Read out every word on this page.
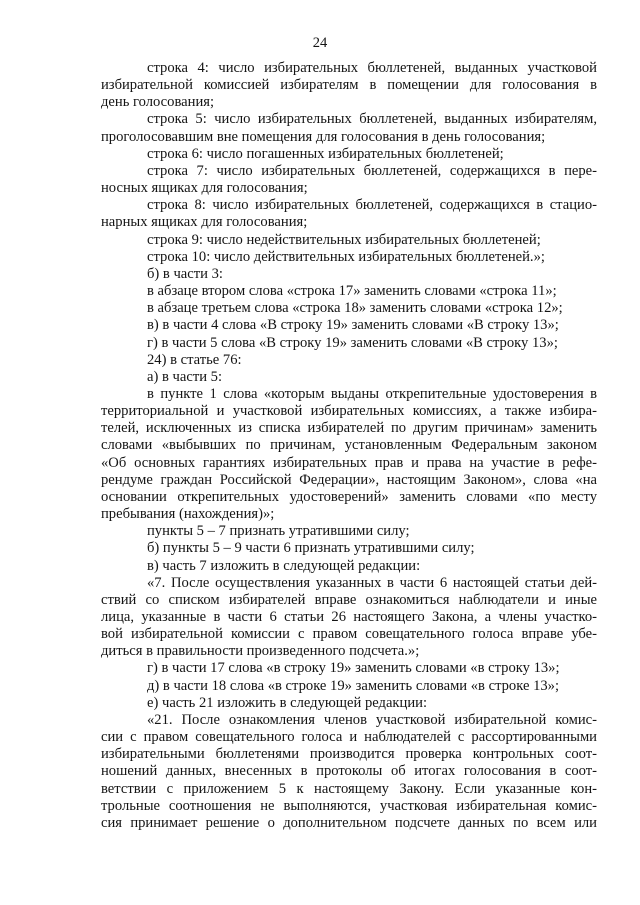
24
строка 4: число избирательных бюллетеней, выданных участковой
избирательной комиссией избирателям в помещении для голосования в
день голосования;
строка 5: число избирательных бюллетеней, выданных избирателям,
проголосовавшим вне помещения для голосования в день голосования;
строка 6: число погашенных избирательных бюллетеней;
строка 7: число избирательных бюллетеней, содержащихся в пере-
носных ящиках для голосования;
строка 8: число избирательных бюллетеней, содержащихся в стацио-
нарных ящиках для голосования;
строка 9: число недействительных избирательных бюллетеней;
строка 10: число действительных избирательных бюллетеней.»;
б) в части 3:
в абзаце втором слова «строка 17» заменить словами «строка 11»;
в абзаце третьем слова «строка 18» заменить словами «строка 12»;
в) в части 4 слова «В строку 19» заменить словами «В строку 13»;
г) в части 5 слова «В строку 19» заменить словами «В строку 13»;
24) в статье 76:
а) в части 5:
в пункте 1 слова «которым выданы открепительные удостоверения в
территориальной и участковой избирательных комиссиях, а также избира-
телей, исключенных из списка избирателей по другим причинам» заменить
словами «выбывших по причинам, установленным Федеральным законом
«Об основных гарантиях избирательных прав и права на участие в рефе-
рендуме граждан Российской Федерации», настоящим Законом», слова «на
основании открепительных удостоверений» заменить словами «по месту
пребывания (нахождения)»;
пункты 5 – 7 признать утратившими силу;
б) пункты 5 – 9 части 6 признать утратившими силу;
в) часть 7 изложить в следующей редакции:
«7. После осуществления указанных в части 6 настоящей статьи дей-
ствий со списком избирателей вправе ознакомиться наблюдатели и иные
лица, указанные в части 6 статьи 26 настоящего Закона, а члены участко-
вой избирательной комиссии с правом совещательного голоса вправе убе-
диться в правильности произведенного подсчета.»;
г) в части 17 слова «в строку 19» заменить словами «в строку 13»;
д) в части 18 слова «в строке 19» заменить словами «в строке 13»;
е) часть 21 изложить в следующей редакции:
«21. После ознакомления членов участковой избирательной комис-
сии с правом совещательного голоса и наблюдателей с рассортированными
избирательными бюллетенями производится проверка контрольных соот-
ношений данных, внесенных в протоколы об итогах голосования в соот-
ветствии с приложением 5 к настоящему Закону. Если указанные кон-
трольные соотношения не выполняются, участковая избирательная комис-
сия принимает решение о дополнительном подсчете данных по всем или
